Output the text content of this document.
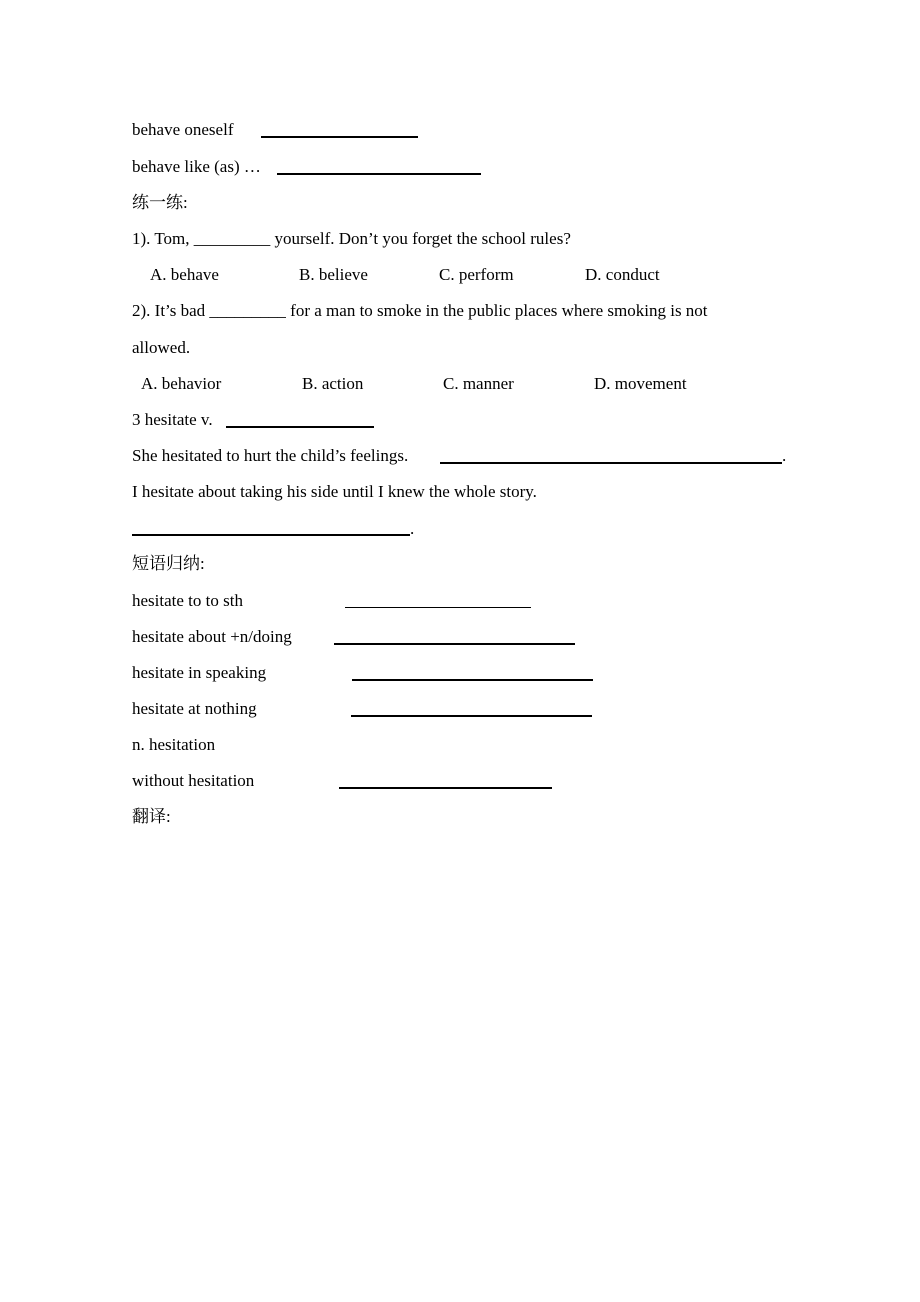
behave oneself
behave like (as) …
练一练:
1). Tom, _________ yourself. Don’t you forget the school rules?
A. behave	B. believe	C. perform	D. conduct
2). It’s bad _________ for a man to smoke in the public places where smoking is not
allowed.
A. behavior	B. action	C. manner	D. movement
3 hesitate v.
She hesitated to hurt the child’s feelings.	.
I hesitate about taking his side until I knew the whole story.
.
短语归纳:
hesitate to to sth
hesitate about +n/doing
hesitate in speaking
hesitate at nothing
n. hesitation
without hesitation
翻译:
